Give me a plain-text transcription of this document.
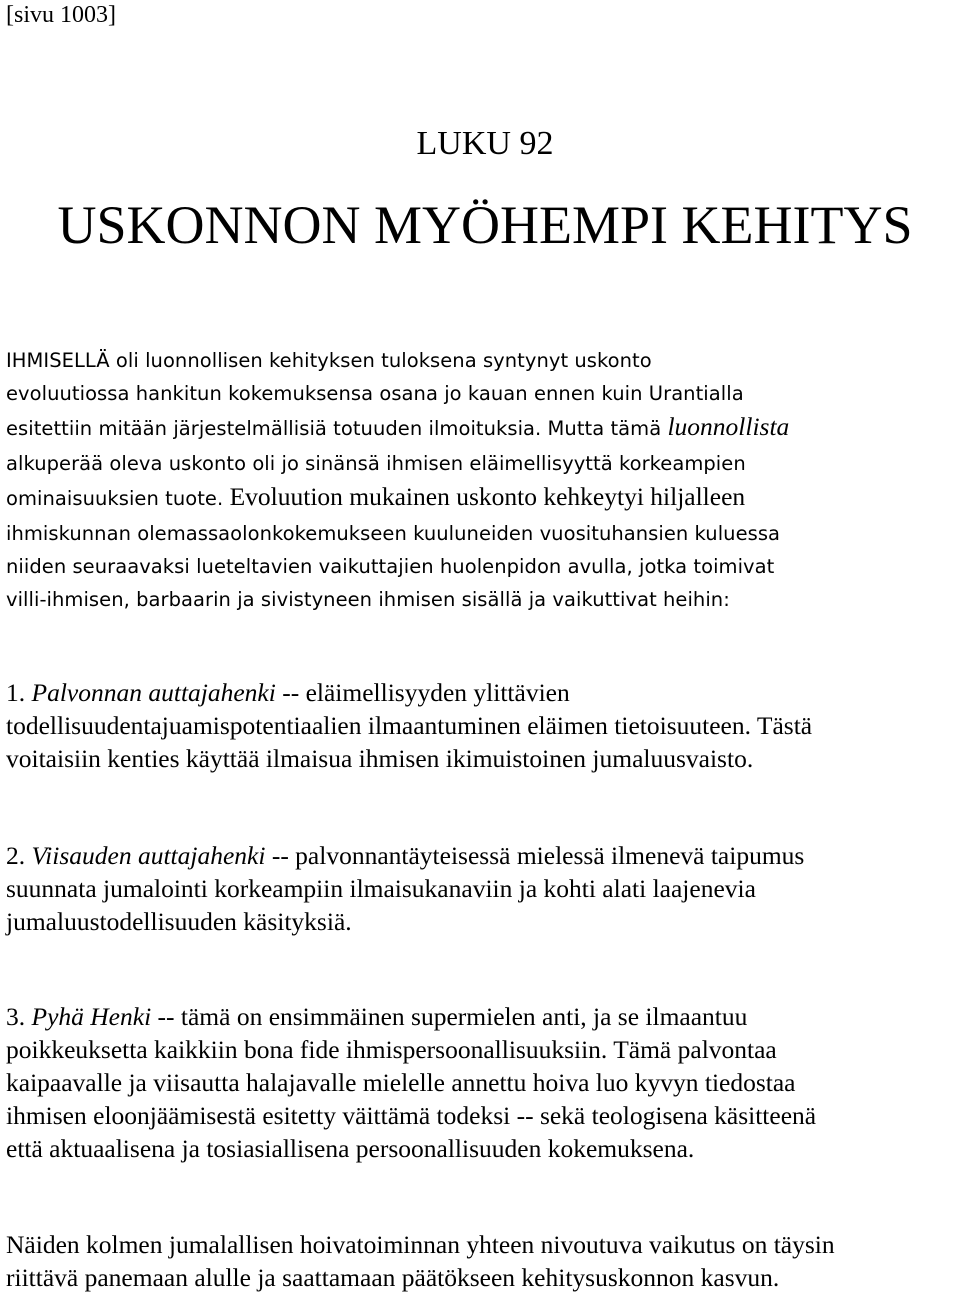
[sivu 1003]

LUKU 92
USKONNON MYÖHEMPI KEHITYS
IHMISELLÄ oli luonnollisen kehityksen tuloksena syntynyt uskonto
evoluutiossa hankitun kokemuksensa osana jo kauan ennen kuin Urantialla
esitettiin mitään järjestelmällisiä totuuden ilmoituksia. Mutta tämä luonnollista
alkuperää oleva uskonto oli jo sinänsä ihmisen eläimellisyyttä korkeampien
ominaisuuksien tuote. Evoluution mukainen uskonto kehkeytyi hiljalleen
ihmiskunnan olemassaolonkokemukseen kuuluneiden vuosituhansien kuluessa
niiden seuraavaksi lueteltavien vaikuttajien huolenpidon avulla, jotka toimivat
villi-ihmisen, barbaarin ja sivistyneen ihmisen sisällä ja vaikuttivat heihin:
1. Palvonnan auttajahenki -- eläimellisyyden ylittävien
todellisuudentajuamispotentiaalien ilmaantuminen eläimen tietoisuuteen. Tästä
voitaisiin kenties käyttää ilmaisua ihmisen ikimuistoinen jumaluusvaisto.
2. Viisauden auttajahenki -- palvonnantäyteisessä mielessä ilmenevä taipumus
suunnata jumalointi korkeampiin ilmaisukanaviin ja kohti alati laajenevia
jumaluustodellisuuden käsityksiä.
3. Pyhä Henki -- tämä on ensimmäinen supermielen anti, ja se ilmaantuu
poikkeuksetta kaikkiin bona fide ihmispersoonallisuuksiin. Tämä palvontaa
kaipaavalle ja viisautta halajavalle mielelle annettu hoiva luo kyvyn tiedostaa
ihmisen eloonjäämisestä esitetty väittämä todeksi -- sekä teologisena käsitteenä
että aktuaalisena ja tosiasiallisena persoonallisuuden kokemuksena.
Näiden kolmen jumalallisen hoivatoiminnan yhteen nivoutuva vaikutus on täysin
riittävä panemaan alulle ja saattamaan päätökseen kehitysuskonnon kasvun.
